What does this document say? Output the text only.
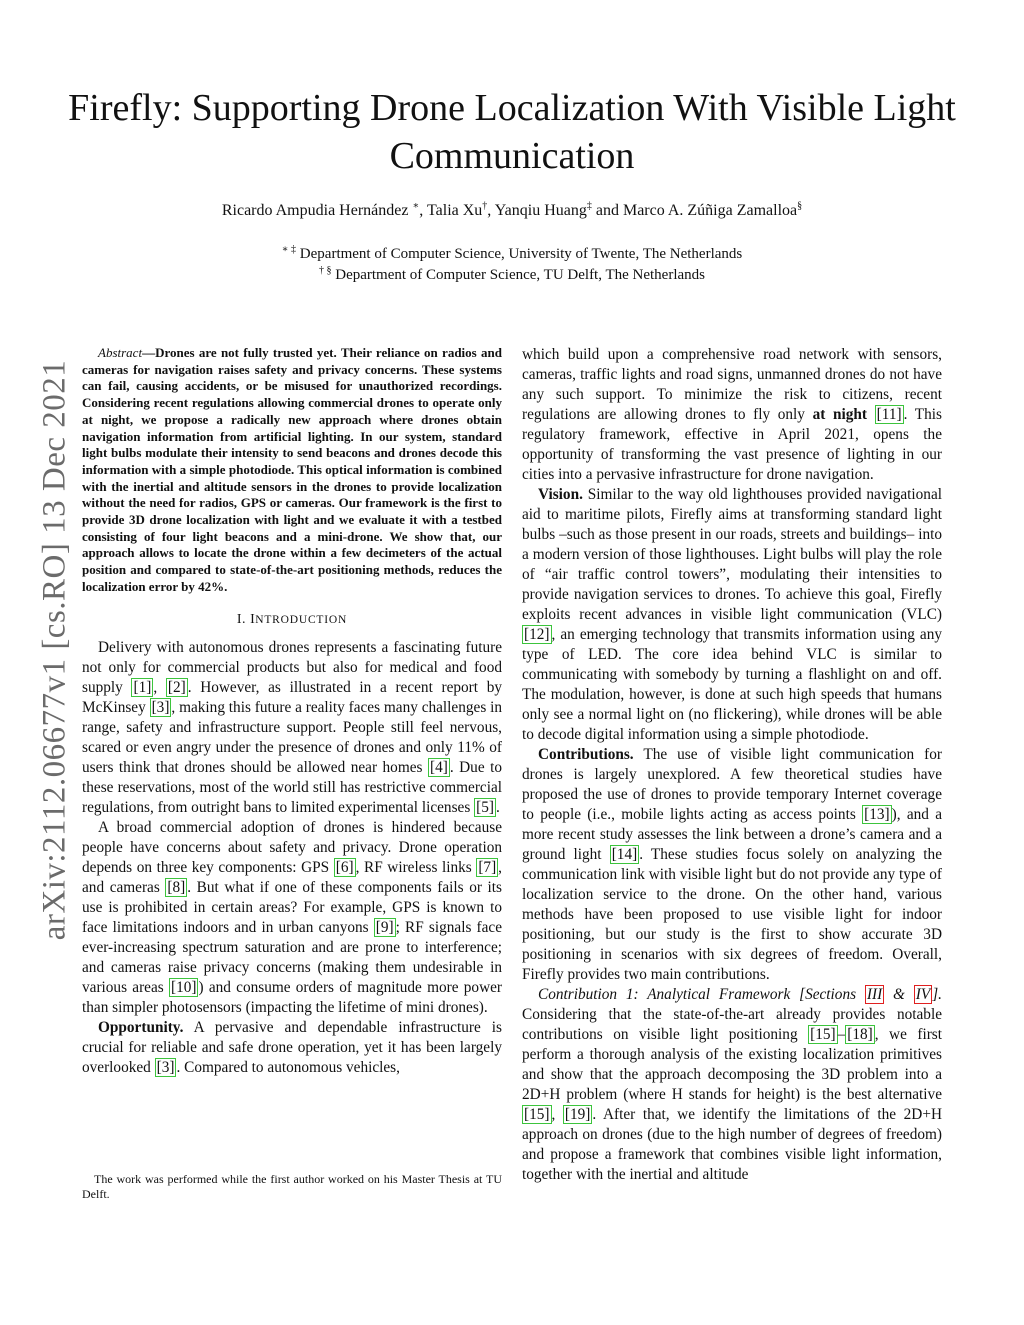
Firefly: Supporting Drone Localization With Visible Light Communication
Ricardo Ampudia Hernández ∗, Talia Xu†, Yanqiu Huang‡ and Marco A. Zúñiga Zamalloa§
∗ ‡ Department of Computer Science, University of Twente, The Netherlands
† § Department of Computer Science, TU Delft, The Netherlands
arXiv:2112.06677v1 [cs.RO] 13 Dec 2021

Abstract—Drones are not fully trusted yet. Their reliance on radios and cameras for navigation raises safety and privacy concerns. These systems can fail, causing accidents, or be misused for unauthorized recordings. Considering recent regulations allowing commercial drones to operate only at night, we propose a radically new approach where drones obtain navigation information from artificial lighting. In our system, standard light bulbs modulate their intensity to send beacons and drones decode this information with a simple photodiode. This optical information is combined with the inertial and altitude sensors in the drones to provide localization without the need for radios, GPS or cameras. Our framework is the first to provide 3D drone localization with light and we evaluate it with a testbed consisting of four light beacons and a mini-drone. We show that, our approach allows to locate the drone within a few decimeters of the actual position and compared to state-of-the-art positioning methods, reduces the localization error by 42%.

I. INTRODUCTION

Delivery with autonomous drones represents a fascinating future not only for commercial products but also for medical and food supply [1] , [2] . However, as illustrated in a recent report by McKinsey [3] , making this future a reality faces many challenges in range, safety and infrastructure support. People still feel nervous, scared or even angry under the presence of drones and only 11% of users think that drones should be allowed near homes [4] . Due to these reservations, most of the world still has restrictive commercial regulations, from outright bans to limited experimental licenses [5] .

A broad commercial adoption of drones is hindered because people have concerns about safety and privacy. Drone operation depends on three key components: GPS [6] , RF wireless links [7] , and cameras [8] . But what if one of these components fails or its use is prohibited in certain areas? For example, GPS is known to face limitations indoors and in urban canyons [9] ; RF signals face ever-increasing spectrum saturation and are prone to interference; and cameras raise privacy concerns (making them undesirable in various areas [10] ) and consume orders of magnitude more power than simpler photosensors (impacting the lifetime of mini drones).

Opportunity. A pervasive and dependable infrastructure is crucial for reliable and safe drone operation, yet it has been largely overlooked [3] . Compared to autonomous vehicles,

The work was performed while the first author worked on his Master Thesis at TU Delft.

which build upon a comprehensive road network with sensors, cameras, traffic lights and road signs, unmanned drones do not have any such support. To minimize the risk to citizens, recent regulations are allowing drones to fly only at night [11] . This regulatory framework, effective in April 2021, opens the opportunity of transforming the vast presence of lighting in our cities into a pervasive infrastructure for drone navigation.

Vision. Similar to the way old lighthouses provided navigational aid to maritime pilots, Firefly aims at transforming standard light bulbs –such as those present in our roads, streets and buildings– into a modern version of those lighthouses. Light bulbs will play the role of “air traffic control towers”, modulating their intensities to provide navigation services to drones. To achieve this goal, Firefly exploits recent advances in visible light communication (VLC) [12] , an emerging technology that transmits information using any type of LED. The core idea behind VLC is similar to communicating with somebody by turning a flashlight on and off. The modulation, however, is done at such high speeds that humans only see a normal light on (no flickering), while drones will be able to decode digital information using a simple photodiode.

Contributions. The use of visible light communication for drones is largely unexplored. A few theoretical studies have proposed the use of drones to provide temporary Internet coverage to people (i.e., mobile lights acting as access points [13] ), and a more recent study assesses the link between a drone’s camera and a ground light [14] . These studies focus solely on analyzing the communication link with visible light but do not provide any type of localization service to the drone. On the other hand, various methods have been proposed to use visible light for indoor positioning, but our study is the first to show accurate 3D positioning in scenarios with six degrees of freedom. Overall, Firefly provides two main contributions.

Contribution 1: Analytical Framework [Sections III & IV ]. Considering that the state-of-the-art already provides notable contributions on visible light positioning [15] – [18] , we first perform a thorough analysis of the existing localization primitives and show that the approach decomposing the 3D problem into a 2D+H problem (where H stands for height) is the best alternative [15] , [19] . After that, we identify the limitations of the 2D+H approach on drones (due to the high number of degrees of freedom) and propose a framework that combines visible light information, together with the inertial and altitude
